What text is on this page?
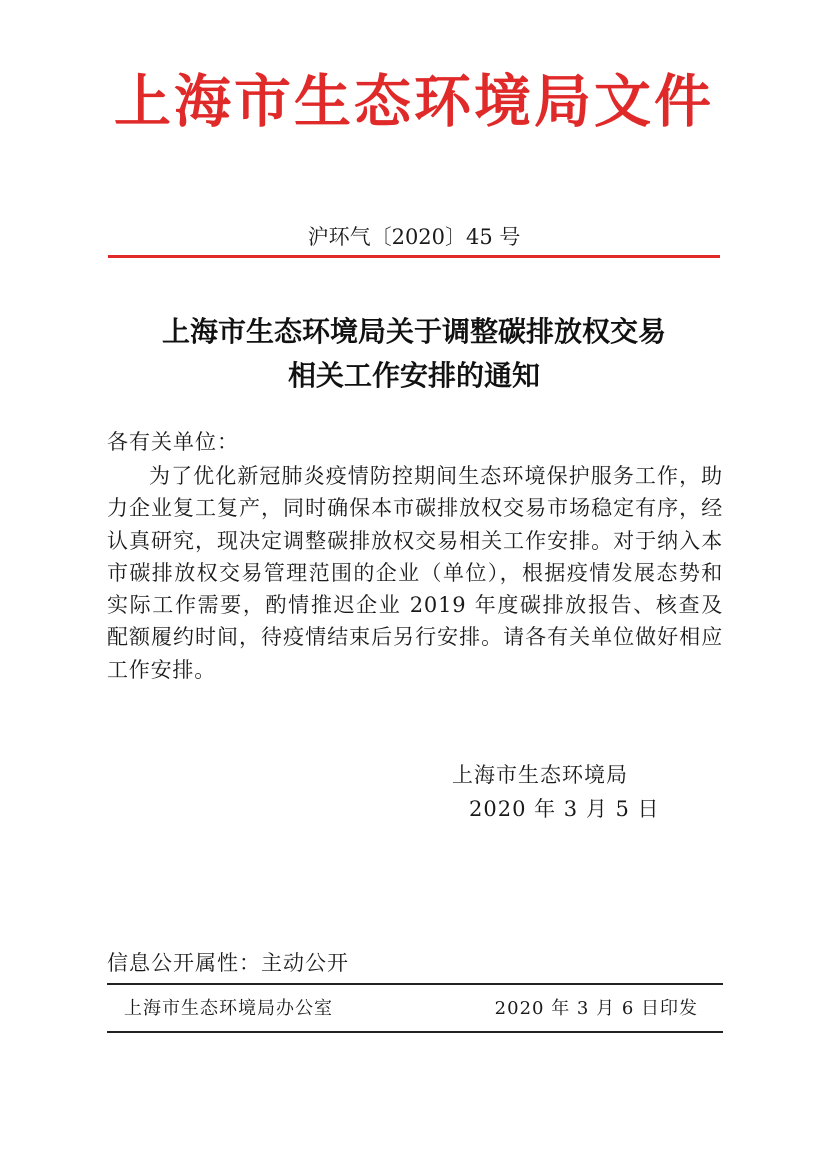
上海市生态环境局文件
沪环气〔2020〕45 号
上海市生态环境局关于调整碳排放权交易
相关工作安排的通知
各有关单位：
为了优化新冠肺炎疫情防控期间生态环境保护服务工作，助力企业复工复产，同时确保本市碳排放权交易市场稳定有序，经认真研究，现决定调整碳排放权交易相关工作安排。对于纳入本市碳排放权交易管理范围的企业（单位），根据疫情发展态势和实际工作需要，酌情推迟企业 2019 年度碳排放报告、核查及配额履约时间，待疫情结束后另行安排。请各有关单位做好相应工作安排。
上海市生态环境局
2020 年 3 月 5 日
信息公开属性：主动公开
上海市生态环境局办公室	2020 年 3 月 6 日印发
